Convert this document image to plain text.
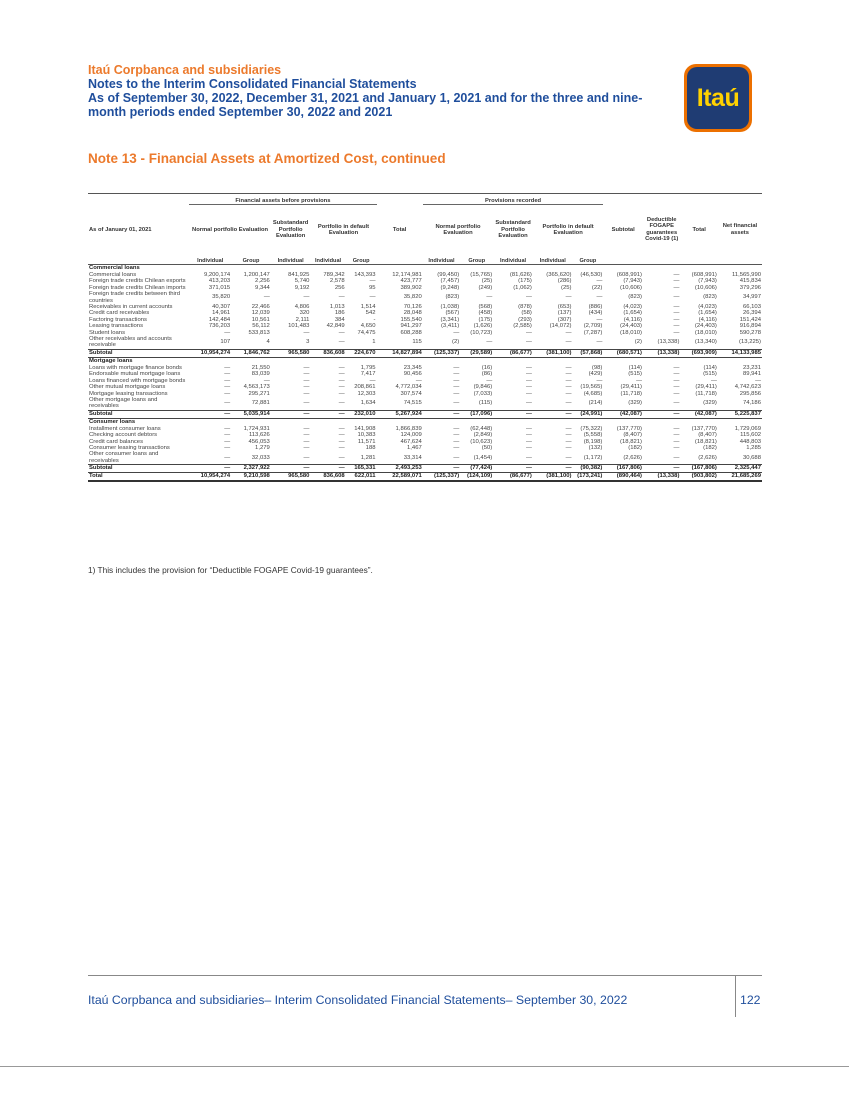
Itaú Corpbanca and subsidiaries
Notes to the Interim Consolidated Financial Statements
As of September 30, 2022, December 31, 2021 and January 1, 2021 and for the three and nine-
month periods ended September 30, 2022 and 2021
Itaú
Note 13 - Financial Assets at Amortized Cost, continued
	Financial assets before provisions						Provisions recorded								
As of January 01, 2021	Normal portfolio Evaluation		Substandard Portfolio Evaluation	Portfolio in default Evaluation		Total	Normal portfolio Evaluation		Substandard Portfolio Evaluation	Portfolio in default Evaluation		Subtotal	Deductible FOGAPE guarantees Covid-19 (1)	Total	Net financial assets
	Individual	Group	Individual	Individual	Group		Individual	Group	Individual	Individual	Group				
Commercial loans															
Commercial loans	9,200,174	1,200,147	841,925	789,342	143,393	12,174,981	(99,450)	(15,765)	(81,626)	(365,620)	(46,530)	(608,991)	—	(608,991)	11,565,990
Foreign trade credits Chilean exports	413,203	2,256	5,740	2,578	—	423,777	(7,457)	(25)	(175)	(286)	—	(7,943)	—	(7,943)	415,834
Foreign trade credits Chilean imports	371,015	9,344	9,192	256	95	389,902	(9,248)	(249)	(1,062)	(25)	(22)	(10,606)	—	(10,606)	379,296
Foreign trade credits between third countries	35,820	—	—	—	—	35,820	(823)	—	—	—	—	(823)	—	(823)	34,997
Receivables in current accounts	40,307	22,466	4,806	1,013	1,514	70,126	(1,038)	(568)	(878)	(653)	(886)	(4,023)	—	(4,023)	66,103
Credit card receivables	14,961	12,039	320	186	542	28,048	(567)	(458)	(58)	(137)	(434)	(1,654)	—	(1,654)	26,394
Factoring transactions	142,484	10,561	2,111	384	-	155,540	(3,341)	(175)	(293)	(307)	—	(4,116)	—	(4,116)	151,424
Leasing transactions	736,203	56,112	101,483	42,849	4,650	941,297	(3,411)	(1,626)	(2,585)	(14,072)	(2,709)	(24,403)	—	(24,403)	916,894
Student loans	—	533,813	—	—	74,475	608,288	—	(10,723)	—	—	(7,287)	(18,010)	—	(18,010)	590,278
Other receivables and accounts receivable	107	4	3	—	1	115	(2)	—	—	—	—	(2)	(13,338)	(13,340)	(13,225)
Subtotal	10,954,274	1,846,762	965,580	836,608	224,670	14,827,894	(125,337)	(29,589)	(86,677)	(381,100)	(57,868)	(680,571)	(13,338)	(693,909)	14,133,985
Mortgage loans															
Loans with mortgage finance bonds	—	21,550	—	—	1,795	23,345	—	(16)	—	—	(98)	(114)	—	(114)	23,231
Endorsable mutual mortgage loans	—	83,039	—	—	7,417	90,456	—	(86)	—	—	(429)	(515)	—	(515)	89,941
Loans financed with mortgage bonds	—	—	—	—	—	—	—	—	—	—	—	—	—	—	—
Other mutual mortgage loans	—	4,563,173	—	—	208,861	4,772,034	—	(9,846)	—	—	(19,565)	(29,411)	—	(29,411)	4,742,623
Mortgage leasing transactions	—	295,271	—	—	12,303	307,574	—	(7,033)	—	—	(4,685)	(11,718)	—	(11,718)	295,856
Other mortgage loans and receivables	—	72,881	—	—	1,634	74,515	—	(115)	—	—	(214)	(329)	—	(329)	74,186
Subtotal	—	5,035,914	—	—	232,010	5,267,924	—	(17,096)	—	—	(24,991)	(42,087)	—	(42,087)	5,225,837
Consumer loans															
Installment consumer loans	—	1,724,931	—	—	141,908	1,866,839	—	(62,448)	—	—	(75,322)	(137,770)	—	(137,770)	1,729,069
Checking account debtors	—	113,626	—	—	10,383	124,009	—	(2,849)	—	—	(5,558)	(8,407)	—	(8,407)	115,602
Credit card balances	—	456,053	—	—	11,571	467,624	—	(10,623)	—	—	(8,198)	(18,821)	—	(18,821)	448,803
Consumer leasing transactions	—	1,279	—	—	188	1,467	—	(50)	—	—	(132)	(182)	—	(182)	1,285
Other consumer loans and receivables	—	32,033	—	—	1,281	33,314	—	(1,454)	—	—	(1,172)	(2,626)	—	(2,626)	30,688
Subtotal	—	2,327,922	—	—	165,331	2,493,253	—	(77,424)	—	—	(90,382)	(167,806)	—	(167,806)	2,325,447
Total	10,954,274	9,210,598	965,580	836,608	622,011	22,589,071	(125,337)	(124,109)	(86,677)	(381,100)	(173,241)	(890,464)	(13,338)	(903,802)	21,685,269
1) This includes the provision for “Deductible FOGAPE Covid-19 guarantees”.
Itaú Corpbanca and subsidiaries– Interim Consolidated Financial Statements– September 30, 2022	122
